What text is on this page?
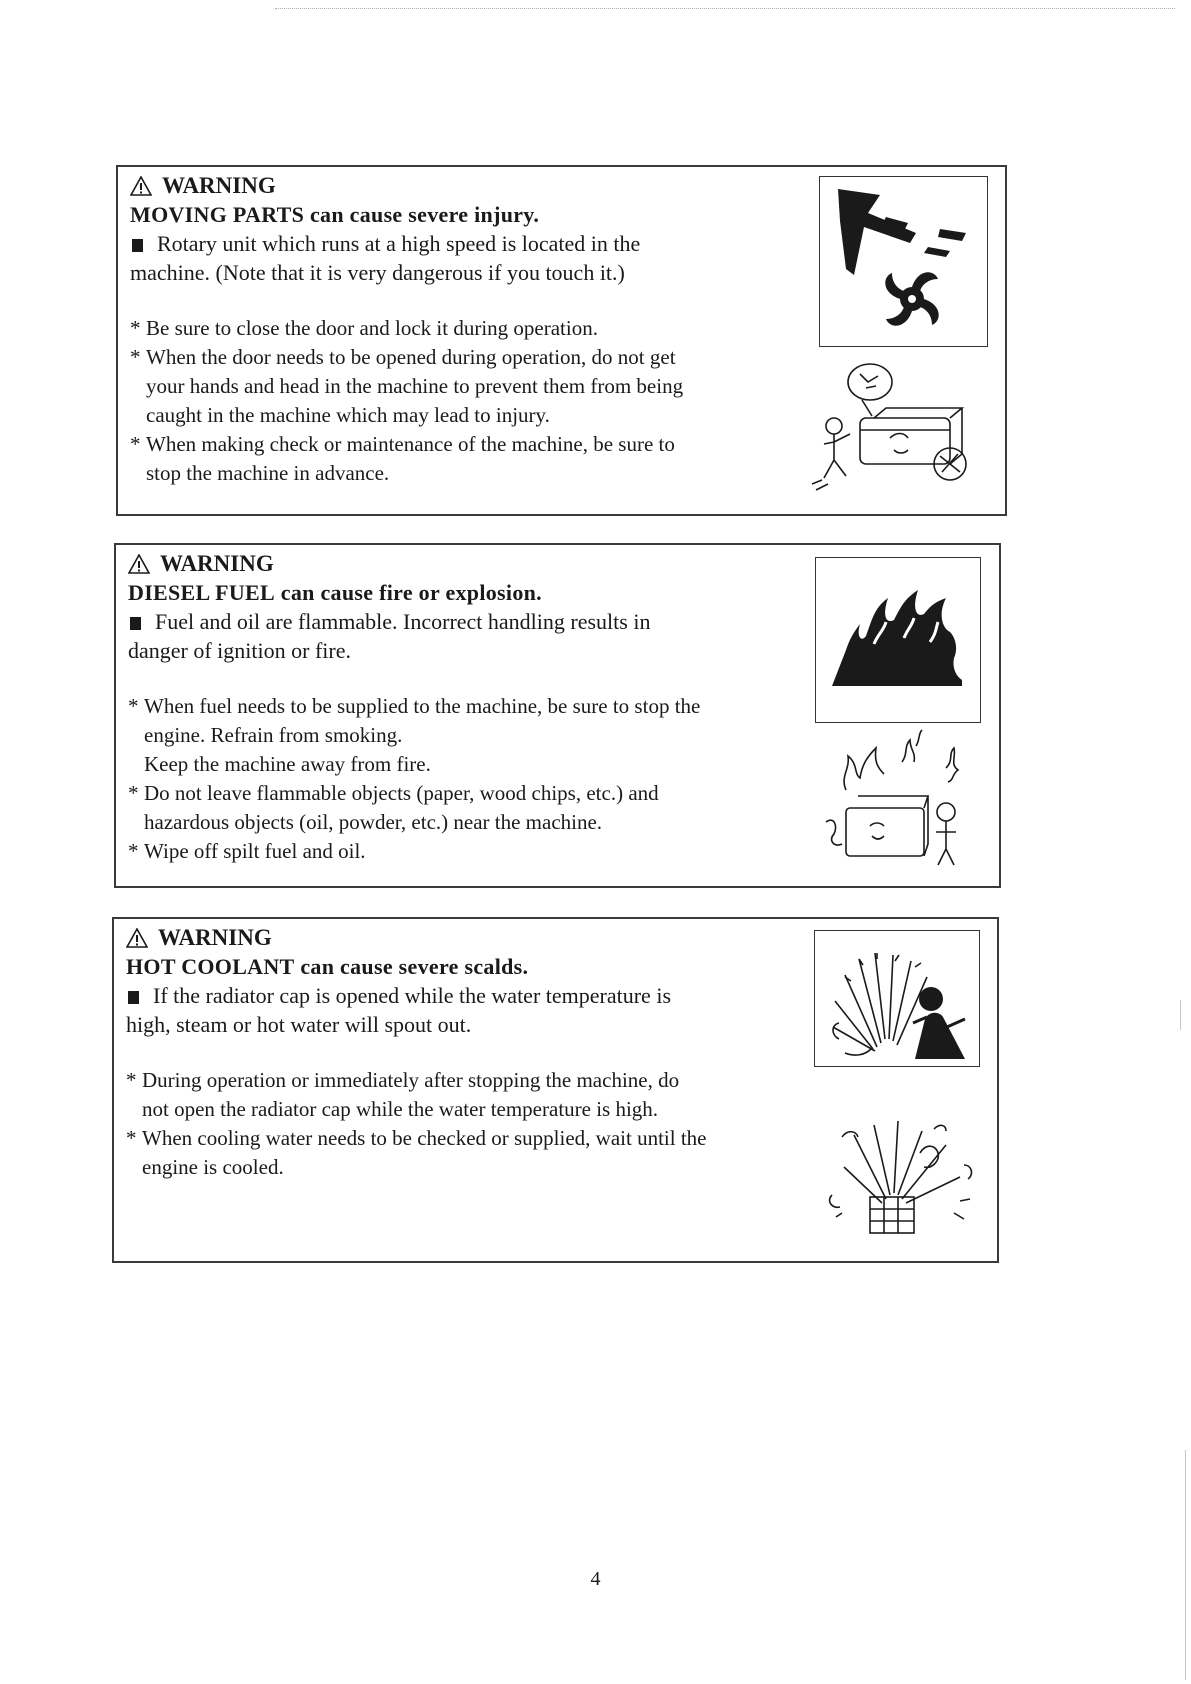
WARNING
MOVING PARTS can cause severe injury.
Rotary unit which runs at a high speed is located in the
machine. (Note that it is very dangerous if you touch it.)
* Be sure to close the door and lock it during operation.
* When the door needs to be opened during operation, do not get
your hands and head in the machine to prevent them from being
caught in the machine which may lead to injury.
* When making check or maintenance of the machine, be sure to
stop the machine in advance.
WARNING
DIESEL FUEL can cause fire or explosion.
Fuel and oil are flammable. Incorrect handling results in
danger of ignition or fire.
* When fuel needs to be supplied to the machine, be sure to stop the
engine. Refrain from smoking.
Keep the machine away from fire.
* Do not leave flammable objects (paper, wood chips, etc.) and
hazardous objects (oil, powder, etc.) near the machine.
* Wipe off spilt fuel and oil.
WARNING
HOT COOLANT can cause severe scalds.
If the radiator cap is opened while the water temperature is
high, steam or hot water will spout out.
* During operation or immediately after stopping the machine, do
not open the radiator cap while the water temperature is high.
* When cooling water needs to be checked or supplied, wait until the
engine is cooled.
4
